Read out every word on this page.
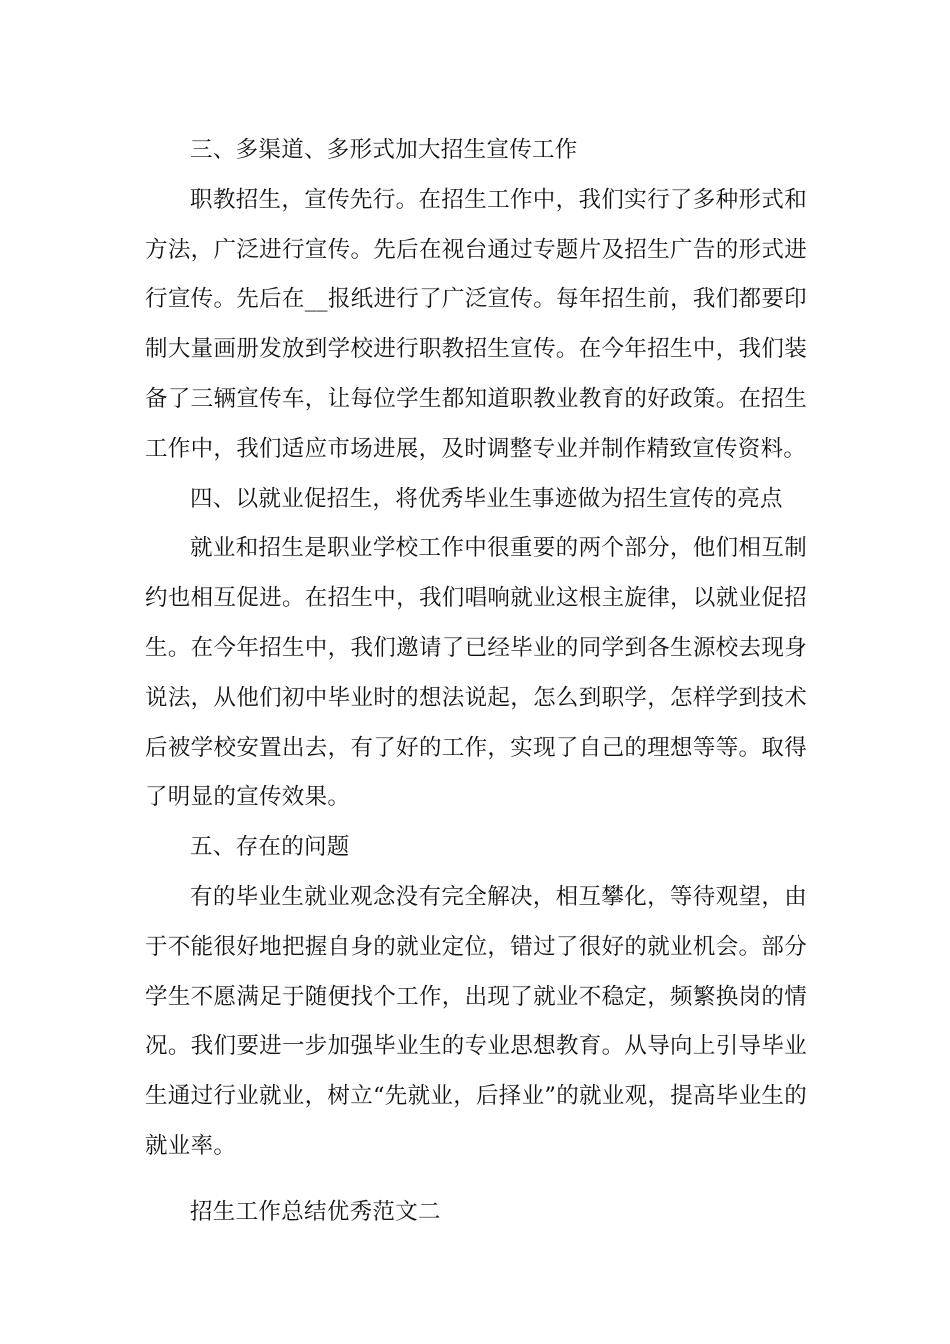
三、多渠道、多形式加大招生宣传工作

职教招生，宣传先行。在招生工作中，我们实行了多种形式和方法，广泛进行宣传。先后在视台通过专题片及招生广告的形式进行宣传。先后在__报纸进行了广泛宣传。每年招生前，我们都要印制大量画册发放到学校进行职教招生宣传。在今年招生中，我们装备了三辆宣传车，让每位学生都知道职教业教育的好政策。在招生工作中，我们适应市场进展，及时调整专业并制作精致宣传资料。

四、以就业促招生，将优秀毕业生事迹做为招生宣传的亮点

就业和招生是职业学校工作中很重要的两个部分，他们相互制约也相互促进。在招生中，我们唱响就业这根主旋律，以就业促招生。在今年招生中，我们邀请了已经毕业的同学到各生源校去现身说法，从他们初中毕业时的想法说起，怎么到职学，怎样学到技术后被学校安置出去，有了好的工作，实现了自己的理想等等。取得了明显的宣传效果。

五、存在的问题

有的毕业生就业观念没有完全解决，相互攀化，等待观望，由于不能很好地把握自身的就业定位，错过了很好的就业机会。部分学生不愿满足于随便找个工作，出现了就业不稳定，频繁换岗的情况。我们要进一步加强毕业生的专业思想教育。从导向上引导毕业生通过行业就业，树立“先就业，后择业”的就业观，提高毕业生的就业率。

招生工作总结优秀范文二
